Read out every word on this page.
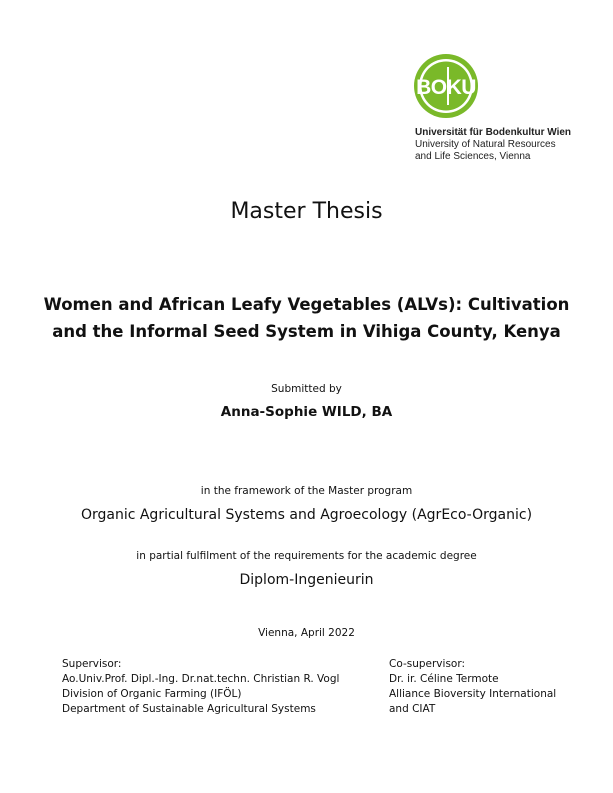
BOKU
Universität für Bodenkultur Wien
University of Natural Resources
and Life Sciences, Vienna
Master Thesis
Women and African Leafy Vegetables (ALVs): Cultivation
and the Informal Seed System in Vihiga County, Kenya
Submitted by
Anna-Sophie WILD, BA
in the framework of the Master program
Organic Agricultural Systems and Agroecology (AgrEco-Organic)
in partial fulfilment of the requirements for the academic degree
Diplom-Ingenieurin
Vienna, April 2022
Supervisor:
Ao.Univ.Prof. Dipl.-Ing. Dr.nat.techn. Christian R. Vogl
Division of Organic Farming (IFÖL)
Department of Sustainable Agricultural Systems
Co-supervisor:
Dr. ir. Céline Termote
Alliance Bioversity International
and CIAT
